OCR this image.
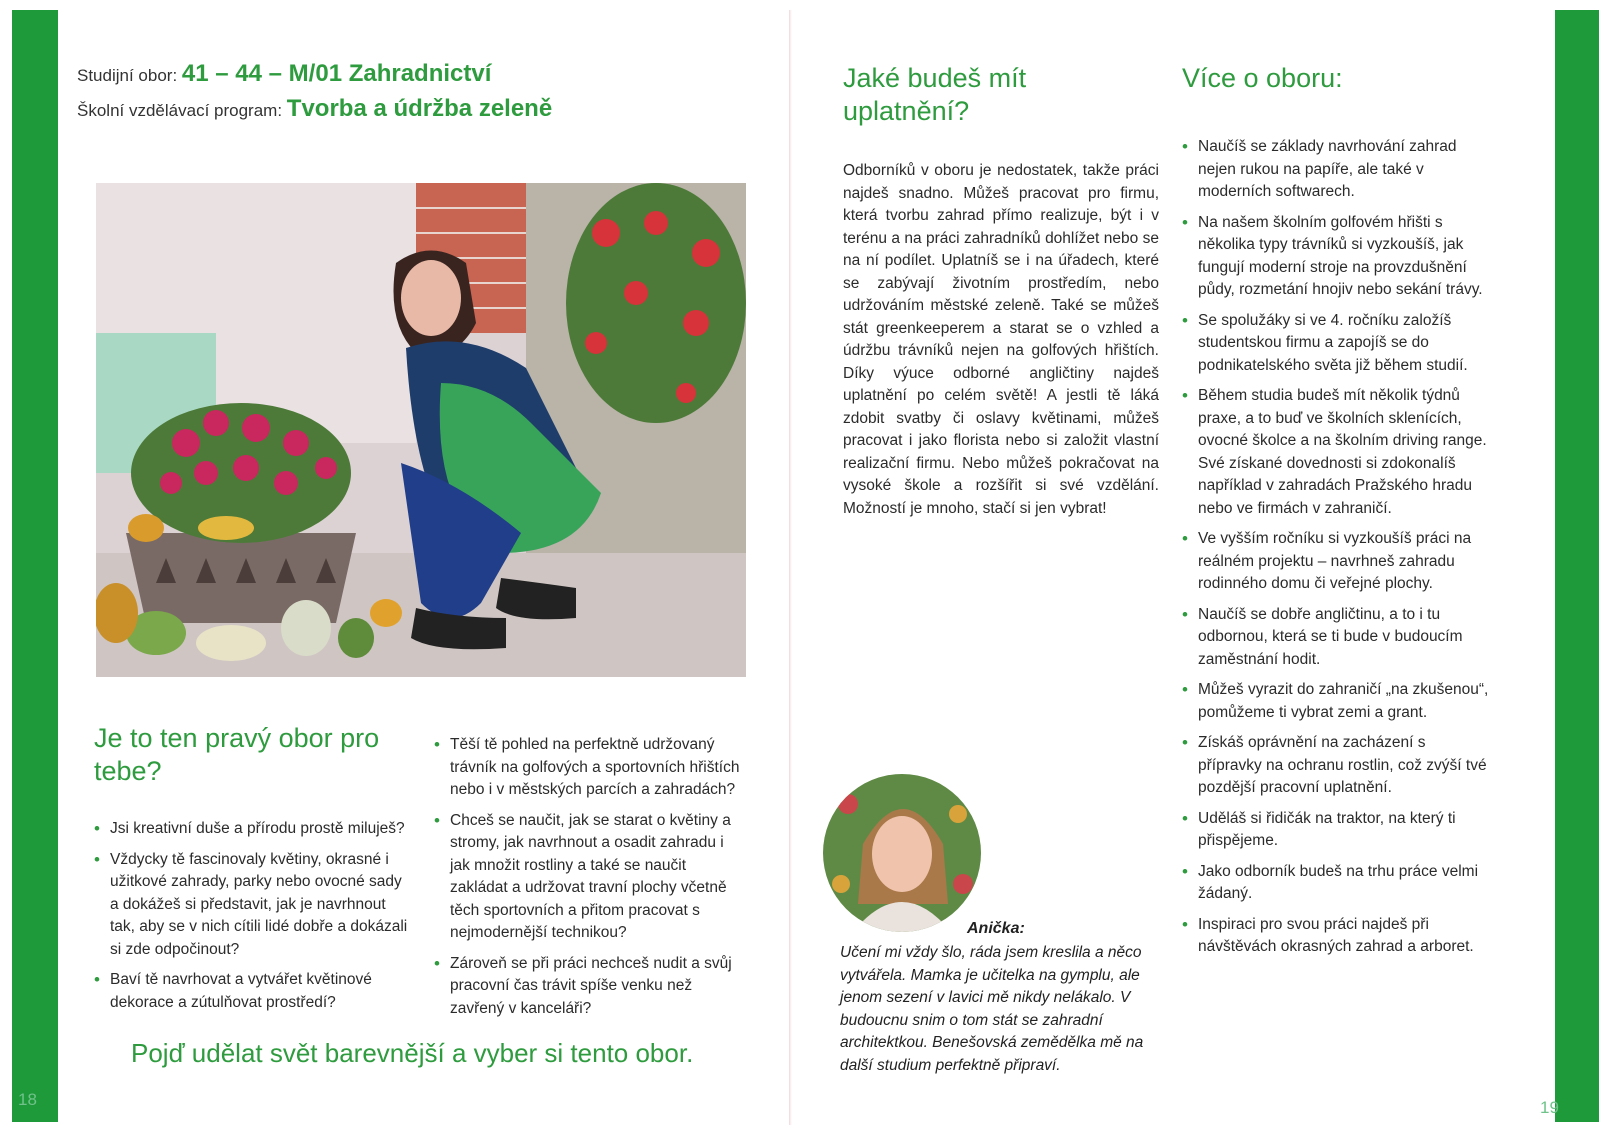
18
Studijní obor: 41 – 44 – M/01 Zahradnictví
Školní vzdělávací program: Tvorba a údržba zeleně
Je to ten pravý obor pro tebe?
• Jsi kreativní duše a přírodu prostě miluješ?
• Vždycky tě fascinovaly květiny, okrasné i užitkové zahrady, parky nebo ovocné sady a dokážeš si představit, jak je navrhnout tak, aby se v nich cítili lidé dobře a dokázali si zde odpočinout?
• Baví tě navrhovat a vytvářet květinové dekorace a zútulňovat prostředí?
• Těší tě pohled na perfektně udržovaný trávník na golfových a sportovních hřištích nebo i v městských parcích a zahradách?
• Chceš se naučit, jak se starat o květiny a stromy, jak navrhnout a osadit zahradu i jak množit rostliny a také se naučit zakládat a udržovat travní plochy včetně těch sportovních a přitom pracovat s nejmodernější technikou?
• Zároveň se při práci nechceš nudit a svůj pracovní čas trávit spíše venku než zavřený v kanceláři?
Pojď udělat svět barevnější a vyber si tento obor.
19
Jaké budeš mít uplatnění?
Odborníků v oboru je nedostatek, takže práci najdeš snadno. Můžeš pracovat pro firmu, která tvorbu zahrad přímo realizuje, být i v terénu a na práci zahradníků dohlížet nebo se na ní podílet. Uplatníš se i na úřadech, které se zabývají životním prostředím, nebo udržováním městské zeleně. Také se můžeš stát greenkeeperem a starat se o vzhled a údržbu trávníků nejen na golfových hřištích. Díky výuce odborné angličtiny najdeš uplatnění po celém světě! A jestli tě láká zdobit svatby či oslavy květinami, můžeš pracovat i jako florista nebo si založit vlastní realizační firmu. Nebo můžeš pokračovat na vysoké škole a rozšířit si své vzdělání. Možností je mnoho, stačí si jen vybrat!
Více o oboru:
• Naučíš se základy navrhování zahrad nejen rukou na papíře, ale také v moderních softwarech.
• Na našem školním golfovém hřišti s několika typy trávníků si vyzkoušíš, jak fungují moderní stroje na provzdušnění půdy, rozmetání hnojiv nebo sekání trávy.
• Se spolužáky si ve 4. ročníku založíš studentskou firmu a zapojíš se do podnikatelského světa již během studií.
• Během studia budeš mít několik týdnů praxe, a to buď ve školních sklenících, ovocné školce a na školním driving range. Své získané dovednosti si zdokonalíš například v zahradách Pražského hradu nebo ve firmách v zahraničí.
• Ve vyšším ročníku si vyzkoušíš práci na reálném projektu – navrhneš zahradu rodinného domu či veřejné plochy.
• Naučíš se dobře angličtinu, a to i tu odbornou, která se ti bude v budoucím zaměstnání hodit.
• Můžeš vyrazit do zahraničí „na zkušenou“, pomůžeme ti vybrat zemi a grant.
• Získáš oprávnění na zacházení s přípravky na ochranu rostlin, což zvýší tvé pozdější pracovní uplatnění.
• Uděláš si řidičák na traktor, na který ti přispějeme.
• Jako odborník budeš na trhu práce velmi žádaný.
• Inspiraci pro svou práci najdeš při návštěvách okrasných zahrad a arboret.
Anička:
Učení mi vždy šlo, ráda jsem kreslila a něco vytvářela. Mamka je učitelka na gymplu, ale jenom sezení v lavici mě nikdy nelákalo. V budoucnu snim o tom stát se zahradní architektkou. Benešovská zemědělka mě na další studium perfektně připraví.
